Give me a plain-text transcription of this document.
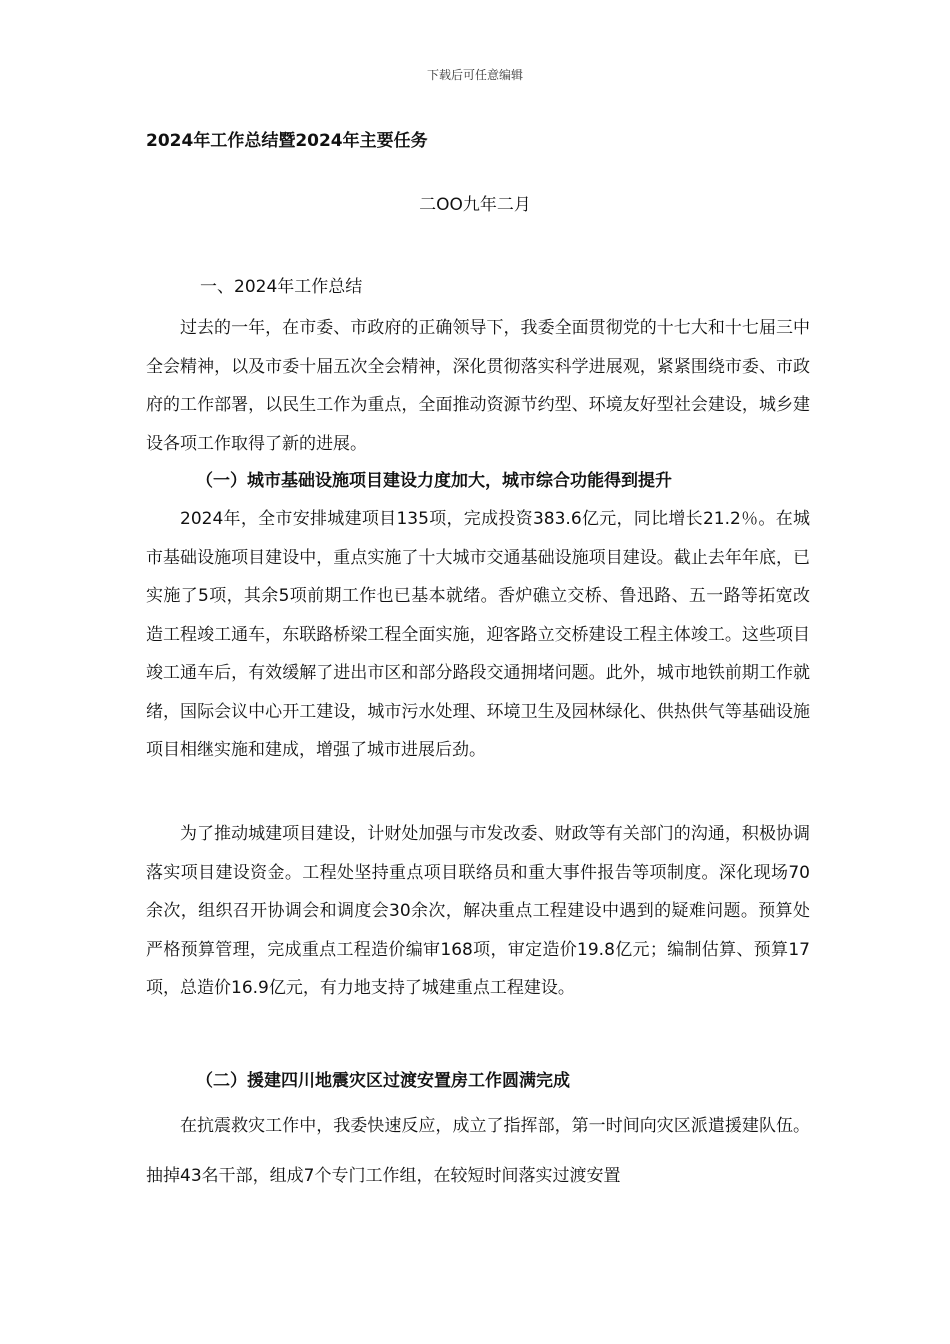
下载后可任意编辑
2024年工作总结暨2024年主要任务
二OO九年二月
一、2024年工作总结

过去的一年，在市委、市政府的正确领导下，我委全面贯彻党的十七大和十七届三中全会精神，以及市委十届五次全会精神，深化贯彻落实科学进展观，紧紧围绕市委、市政府的工作部署，以民生工作为重点，全面推动资源节约型、环境友好型社会建设，城乡建设各项工作取得了新的进展。

（一）城市基础设施项目建设力度加大，城市综合功能得到提升

2024年，全市安排城建项目135项，完成投资383.6亿元，同比增长21.2％。在城市基础设施项目建设中，重点实施了十大城市交通基础设施项目建设。截止去年年底，已实施了5项，其余5项前期工作也已基本就绪。香炉礁立交桥、鲁迅路、五一路等拓宽改造工程竣工通车，东联路桥梁工程全面实施，迎客路立交桥建设工程主体竣工。这些项目竣工通车后，有效缓解了进出市区和部分路段交通拥堵问题。此外，城市地铁前期工作就绪，国际会议中心开工建设，城市污水处理、环境卫生及园林绿化、供热供气等基础设施项目相继实施和建成，增强了城市进展后劲。

为了推动城建项目建设，计财处加强与市发改委、财政等有关部门的沟通，积极协调落实项目建设资金。工程处坚持重点项目联络员和重大事件报告等项制度。深化现场70余次，组织召开协调会和调度会30余次，解决重点工程建设中遇到的疑难问题。预算处严格预算管理，完成重点工程造价编审168项，审定造价19.8亿元；编制估算、预算17项，总造价16.9亿元，有力地支持了城建重点工程建设。

（二）援建四川地震灾区过渡安置房工作圆满完成

在抗震救灾工作中，我委快速反应，成立了指挥部，第一时间向灾区派遣援建队伍。抽掉43名干部，组成7个专门工作组，在较短时间落实过渡安置
